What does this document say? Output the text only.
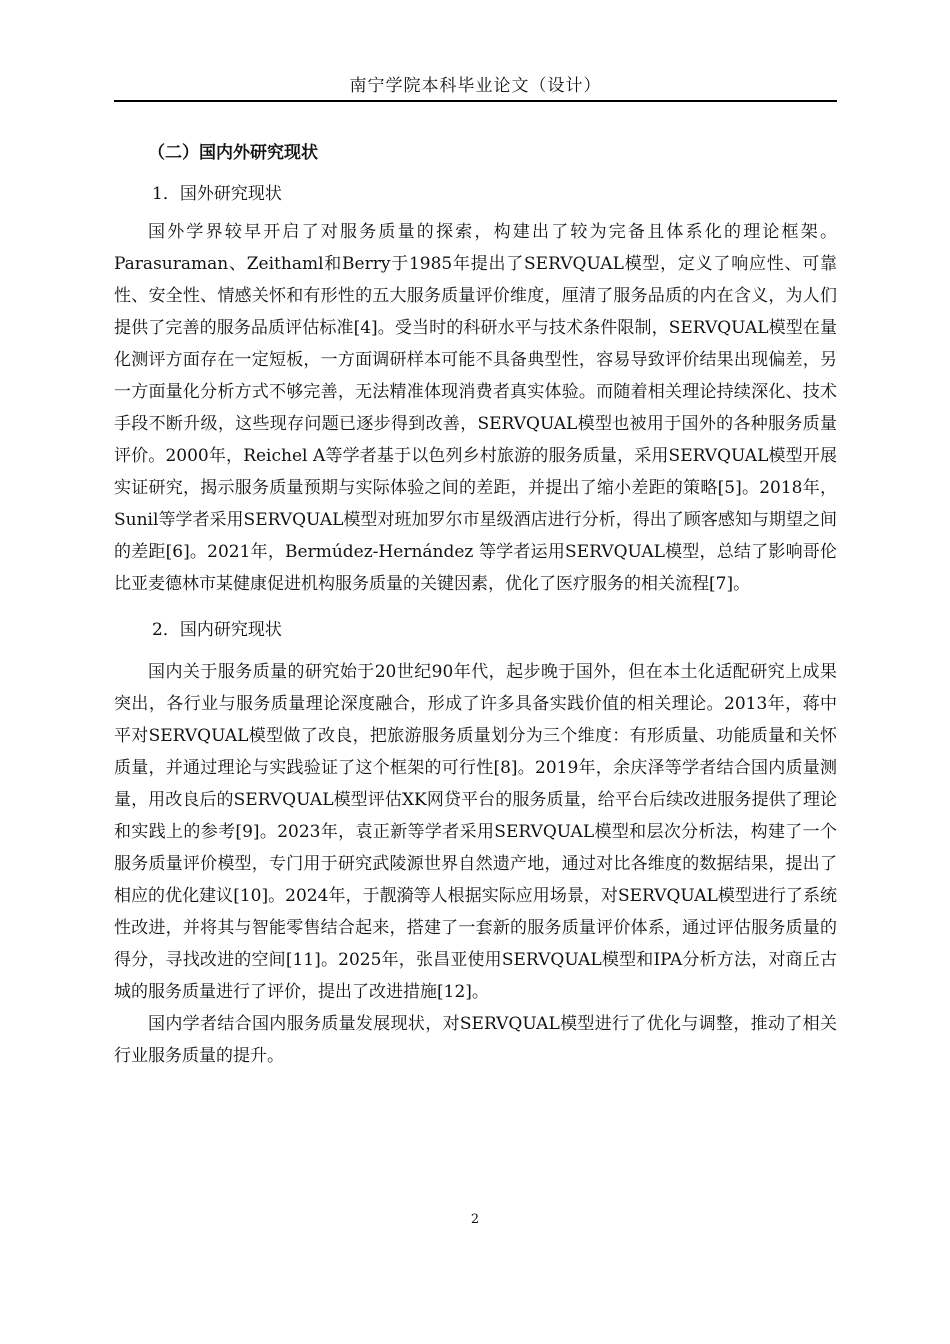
南宁学院本科毕业论文（设计）

（二）国内外研究现状

1．国外研究现状

国外学界较早开启了对服务质量的探索，构建出了较为完备且体系化的理论框架。Parasuraman、Zeithaml和Berry于1985年提出了SERVQUAL模型，定义了响应性、可靠性、安全性、情感关怀和有形性的五大服务质量评价维度，厘清了服务品质的内在含义，为人们提供了完善的服务品质评估标准[4]。受当时的科研水平与技术条件限制，SERVQUAL模型在量化测评方面存在一定短板，一方面调研样本可能不具备典型性，容易导致评价结果出现偏差，另一方面量化分析方式不够完善，无法精准体现消费者真实体验。而随着相关理论持续深化、技术手段不断升级，这些现存问题已逐步得到改善，SERVQUAL模型也被用于国外的各种服务质量评价。2000年，Reichel A等学者基于以色列乡村旅游的服务质量，采用SERVQUAL模型开展实证研究，揭示服务质量预期与实际体验之间的差距，并提出了缩小差距的策略[5]。2018年，Sunil等学者采用SERVQUAL模型对班加罗尔市星级酒店进行分析，得出了顾客感知与期望之间的差距[6]。2021年，Bermúdez-Hernández 等学者运用SERVQUAL模型，总结了影响哥伦比亚麦德林市某健康促进机构服务质量的关键因素，优化了医疗服务的相关流程[7]。

2．国内研究现状

国内关于服务质量的研究始于20世纪90年代，起步晚于国外，但在本土化适配研究上成果突出，各行业与服务质量理论深度融合，形成了许多具备实践价值的相关理论。2013年，蒋中平对SERVQUAL模型做了改良，把旅游服务质量划分为三个维度：有形质量、功能质量和关怀质量，并通过理论与实践验证了这个框架的可行性[8]。2019年，余庆泽等学者结合国内质量测量，用改良后的SERVQUAL模型评估XK网贷平台的服务质量，给平台后续改进服务提供了理论和实践上的参考[9]。2023年，袁正新等学者采用SERVQUAL模型和层次分析法，构建了一个服务质量评价模型，专门用于研究武陵源世界自然遗产地，通过对比各维度的数据结果，提出了相应的优化建议[10]。2024年，于靓漪等人根据实际应用场景，对SERVQUAL模型进行了系统性改进，并将其与智能零售结合起来，搭建了一套新的服务质量评价体系，通过评估服务质量的得分，寻找改进的空间[11]。2025年，张昌亚使用SERVQUAL模型和IPA分析方法，对商丘古城的服务质量进行了评价，提出了改进措施[12]。

国内学者结合国内服务质量发展现状，对SERVQUAL模型进行了优化与调整，推动了相关行业服务质量的提升。

2
